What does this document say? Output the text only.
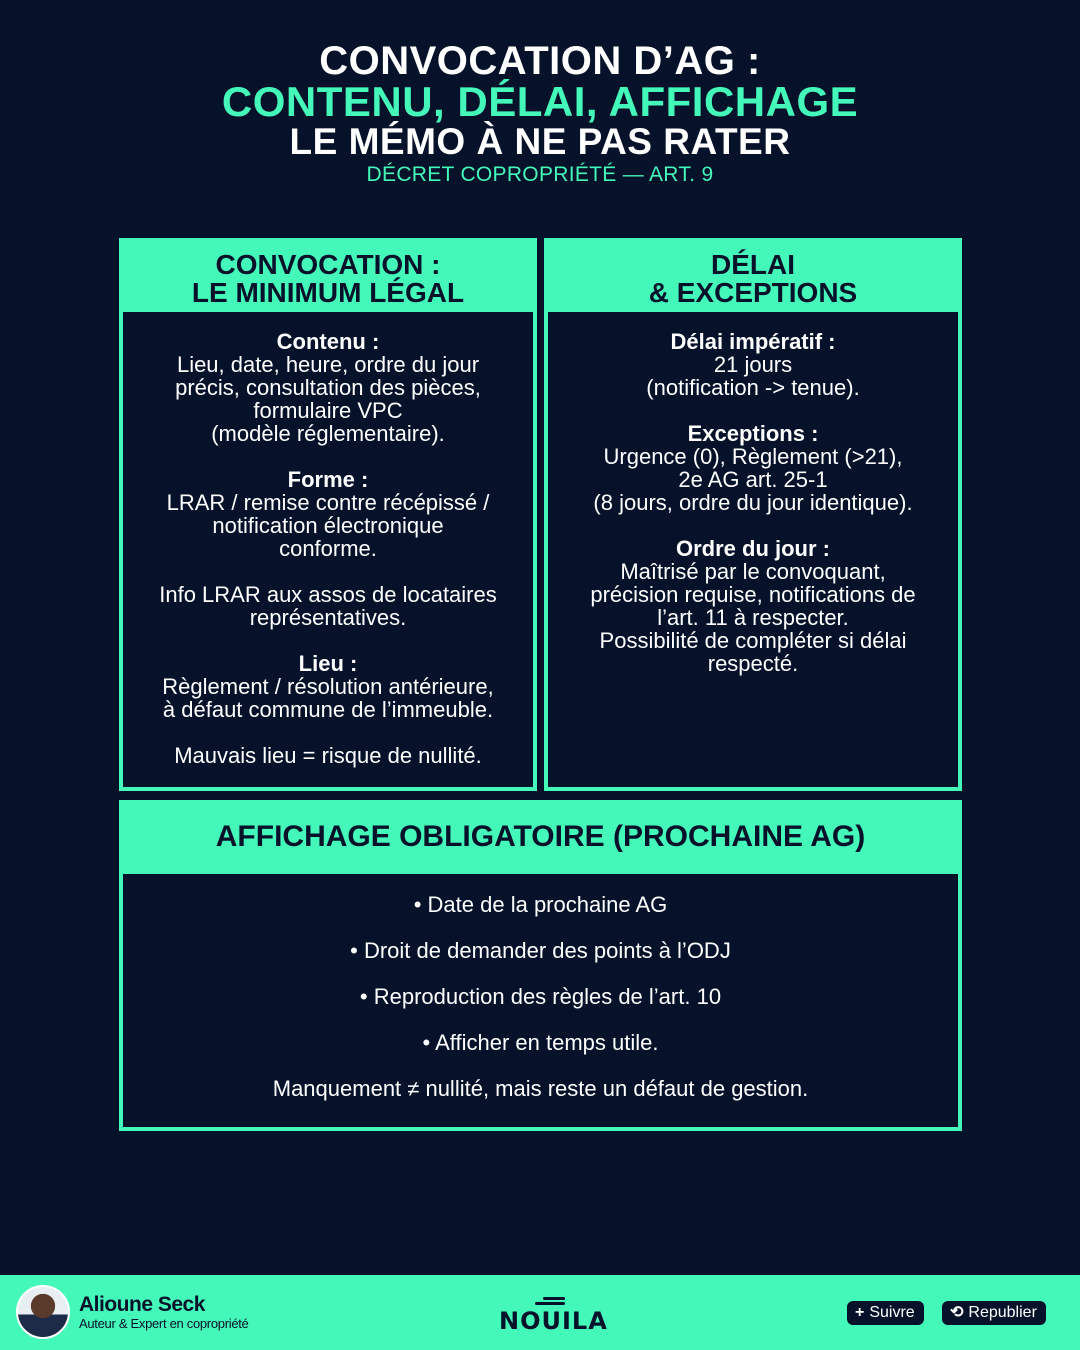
CONVOCATION D’AG :
CONTENU, DÉLAI, AFFICHAGE
LE MÉMO À NE PAS RATER
DÉCRET COPROPRIÉTÉ — ART. 9
CONVOCATION :
LE MINIMUM LÉGAL
Contenu :
Lieu, date, heure, ordre du jour
précis, consultation des pièces,
formulaire VPC
(modèle réglementaire).
Forme :
LRAR / remise contre récépissé /
notification électronique
conforme.
Info LRAR aux assos de locataires
représentatives.
Lieu :
Règlement / résolution antérieure,
à défaut commune de l’immeuble.
Mauvais lieu = risque de nullité.
DÉLAI
& EXCEPTIONS
Délai impératif :
21 jours
(notification -> tenue).
Exceptions :
Urgence (0), Règlement (>21),
2e AG art. 25-1
(8 jours, ordre du jour identique).
Ordre du jour :
Maîtrisé par le convoquant,
précision requise, notifications de
l’art. 11 à respecter.
Possibilité de compléter si délai
respecté.
AFFICHAGE OBLIGATOIRE (PROCHAINE AG)
• Date de la prochaine AG
• Droit de demander des points à l’ODJ
• Reproduction des règles de l’art. 10
• Afficher en temps utile.
Manquement ≠ nullité, mais reste un défaut de gestion.
Alioune Seck
Auteur & Expert en copropriété	NOUILA	+ Suivre	⟲ Republier
